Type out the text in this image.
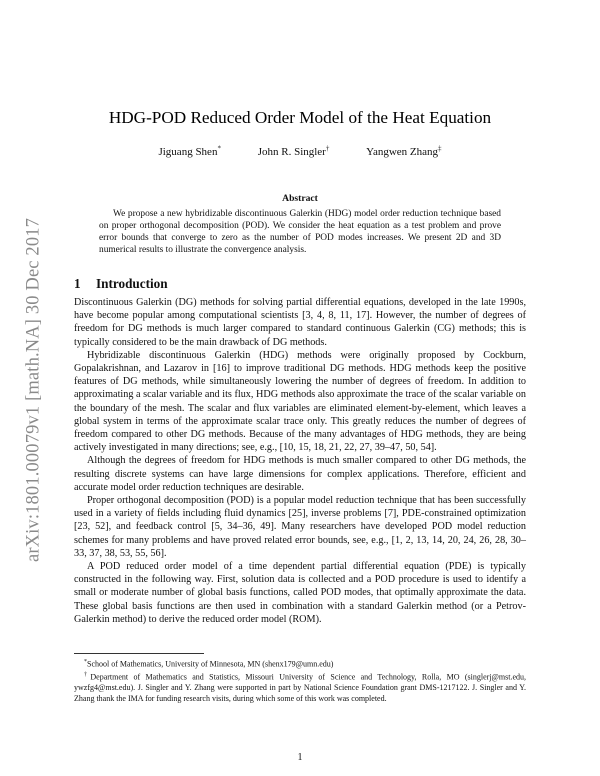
arXiv:1801.00079v1 [math.NA] 30 Dec 2017
HDG-POD Reduced Order Model of the Heat Equation
Jiguang Shen*	John R. Singler†	Yangwen Zhang‡
Abstract
We propose a new hybridizable discontinuous Galerkin (HDG) model order reduction technique based on proper orthogonal decomposition (POD). We consider the heat equation as a test problem and prove error bounds that converge to zero as the number of POD modes increases. We present 2D and 3D numerical results to illustrate the convergence analysis.
1 Introduction

Discontinuous Galerkin (DG) methods for solving partial differential equations, developed in the late 1990s, have become popular among computational scientists [3, 4, 8, 11, 17]. However, the number of degrees of freedom for DG methods is much larger compared to standard continuous Galerkin (CG) methods; this is typically considered to be the main drawback of DG methods.

Hybridizable discontinuous Galerkin (HDG) methods were originally proposed by Cockburn, Gopalakrishnan, and Lazarov in [16] to improve traditional DG methods. HDG methods keep the positive features of DG methods, while simultaneously lowering the number of degrees of freedom. In addition to approximating a scalar variable and its flux, HDG methods also approximate the trace of the scalar variable on the boundary of the mesh. The scalar and flux variables are eliminated element-by-element, which leaves a global system in terms of the approximate scalar trace only. This greatly reduces the number of degrees of freedom compared to other DG methods. Because of the many advantages of HDG methods, they are being actively investigated in many directions; see, e.g., [10, 15, 18, 21, 22, 27, 39–47, 50, 54].

Although the degrees of freedom for HDG methods is much smaller compared to other DG methods, the resulting discrete systems can have large dimensions for complex applications. Therefore, efficient and accurate model order reduction techniques are desirable.

Proper orthogonal decomposition (POD) is a popular model reduction technique that has been successfully used in a variety of fields including fluid dynamics [25], inverse problems [7], PDE-constrained optimization [23, 52], and feedback control [5, 34–36, 49]. Many researchers have developed POD model reduction schemes for many problems and have proved related error bounds, see, e.g., [1, 2, 13, 14, 20, 24, 26, 28, 30–33, 37, 38, 53, 55, 56].

A POD reduced order model of a time dependent partial differential equation (PDE) is typically constructed in the following way. First, solution data is collected and a POD procedure is used to identify a small or moderate number of global basis functions, called POD modes, that optimally approximate the data. These global basis functions are then used in combination with a standard Galerkin method (or a Petrov-Galerkin method) to derive the reduced order model (ROM).

*School of Mathematics, University of Minnesota, MN (shenx179@umn.edu)

†Department of Mathematics and Statistics, Missouri University of Science and Technology, Rolla, MO (singlerj@mst.edu, ywzfg4@mst.edu). J. Singler and Y. Zhang were supported in part by National Science Foundation grant DMS-1217122. J. Singler and Y. Zhang thank the IMA for funding research visits, during which some of this work was completed.

1
